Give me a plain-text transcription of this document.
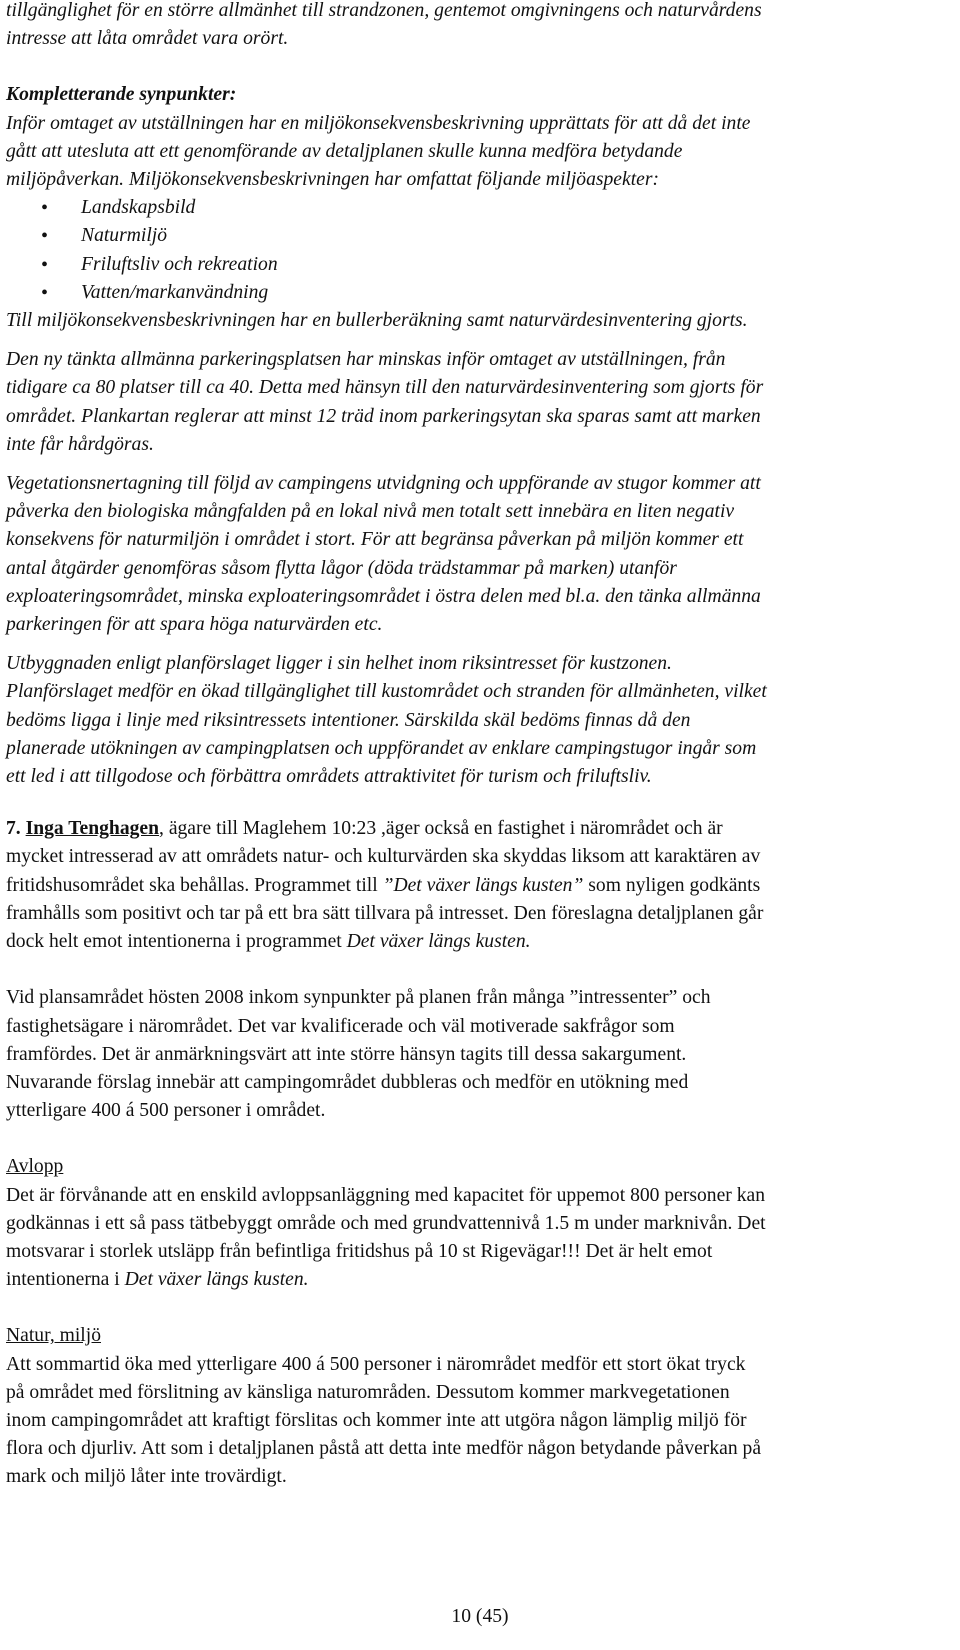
tillgänglighet för en större allmänhet till strandzonen, gentemot omgivningens och naturvårdens
intresse att låta området vara orört.

Kompletterande synpunkter:

Inför omtaget av utställningen har en miljökonsekvensbeskrivning upprättats för att då det inte
gått att utesluta att ett genomförande av detaljplanen skulle kunna medföra betydande
miljöpåverkan. Miljökonsekvensbeskrivningen har omfattat följande miljöaspekter:

• Landskapsbild
• Naturmiljö
• Friluftsliv och rekreation
• Vatten/markanvändning

Till miljökonsekvensbeskrivningen har en bullerberäkning samt naturvärdesinventering gjorts.

Den ny tänkta allmänna parkeringsplatsen har minskas inför omtaget av utställningen, från
tidigare ca 80 platser till ca 40. Detta med hänsyn till den naturvärdesinventering som gjorts för
området. Plankartan reglerar att minst 12 träd inom parkeringsytan ska sparas samt att marken
inte får hårdgöras.

Vegetationsnertagning till följd av campingens utvidgning och uppförande av stugor kommer att
påverka den biologiska mångfalden på en lokal nivå men totalt sett innebära en liten negativ
konsekvens för naturmiljön i området i stort. För att begränsa påverkan på miljön kommer ett
antal åtgärder genomföras såsom flytta lågor (döda trädstammar på marken) utanför
exploateringsområdet, minska exploateringsområdet i östra delen med bl.a. den tänka allmänna
parkeringen för att spara höga naturvärden etc.

Utbyggnaden enligt planförslaget ligger i sin helhet inom riksintresset för kustzonen.
Planförslaget medför en ökad tillgänglighet till kustområdet och stranden för allmänheten, vilket
bedöms ligga i linje med riksintressets intentioner. Särskilda skäl bedöms finnas då den
planerade utökningen av campingplatsen och uppförandet av enklare campingstugor ingår som
ett led i att tillgodose och förbättra områdets attraktivitet för turism och friluftsliv.

7. Inga Tenghagen, ägare till Maglehem 10:23 ,äger också en fastighet i närområdet och är
mycket intresserad av att områdets natur- och kulturvärden ska skyddas liksom att karaktären av
fritidshusområdet ska behållas. Programmet till ”Det växer längs kusten” som nyligen godkänts
framhålls som positivt och tar på ett bra sätt tillvara på intresset. Den föreslagna detaljplanen går
dock helt emot intentionerna i programmet Det växer längs kusten.

Vid plansamrådet hösten 2008 inkom synpunkter på planen från många ”intressenter” och
fastighetsägare i närområdet. Det var kvalificerade och väl motiverade sakfrågor som
framfördes. Det är anmärkningsvärt att inte större hänsyn tagits till dessa sakargument.
Nuvarande förslag innebär att campingområdet dubbleras och medför en utökning med
ytterligare 400 á 500 personer i området.

Avlopp

Det är förvånande att en enskild avloppsanläggning med kapacitet för uppemot 800 personer kan
godkännas i ett så pass tätbebyggt område och med grundvattennivå 1.5 m under marknivån. Det
motsvarar i storlek utsläpp från befintliga fritidshus på 10 st Rigevägar!!! Det är helt emot
intentionerna i Det växer längs kusten.

Natur, miljö

Att sommartid öka med ytterligare 400 á 500 personer i närområdet medför ett stort ökat tryck
på området med förslitning av känsliga naturområden. Dessutom kommer markvegetationen
inom campingområdet att kraftigt förslitas och kommer inte att utgöra någon lämplig miljö för
flora och djurliv. Att som i detaljplanen påstå att detta inte medför någon betydande påverkan på
mark och miljö låter inte trovärdigt.

10 (45)
